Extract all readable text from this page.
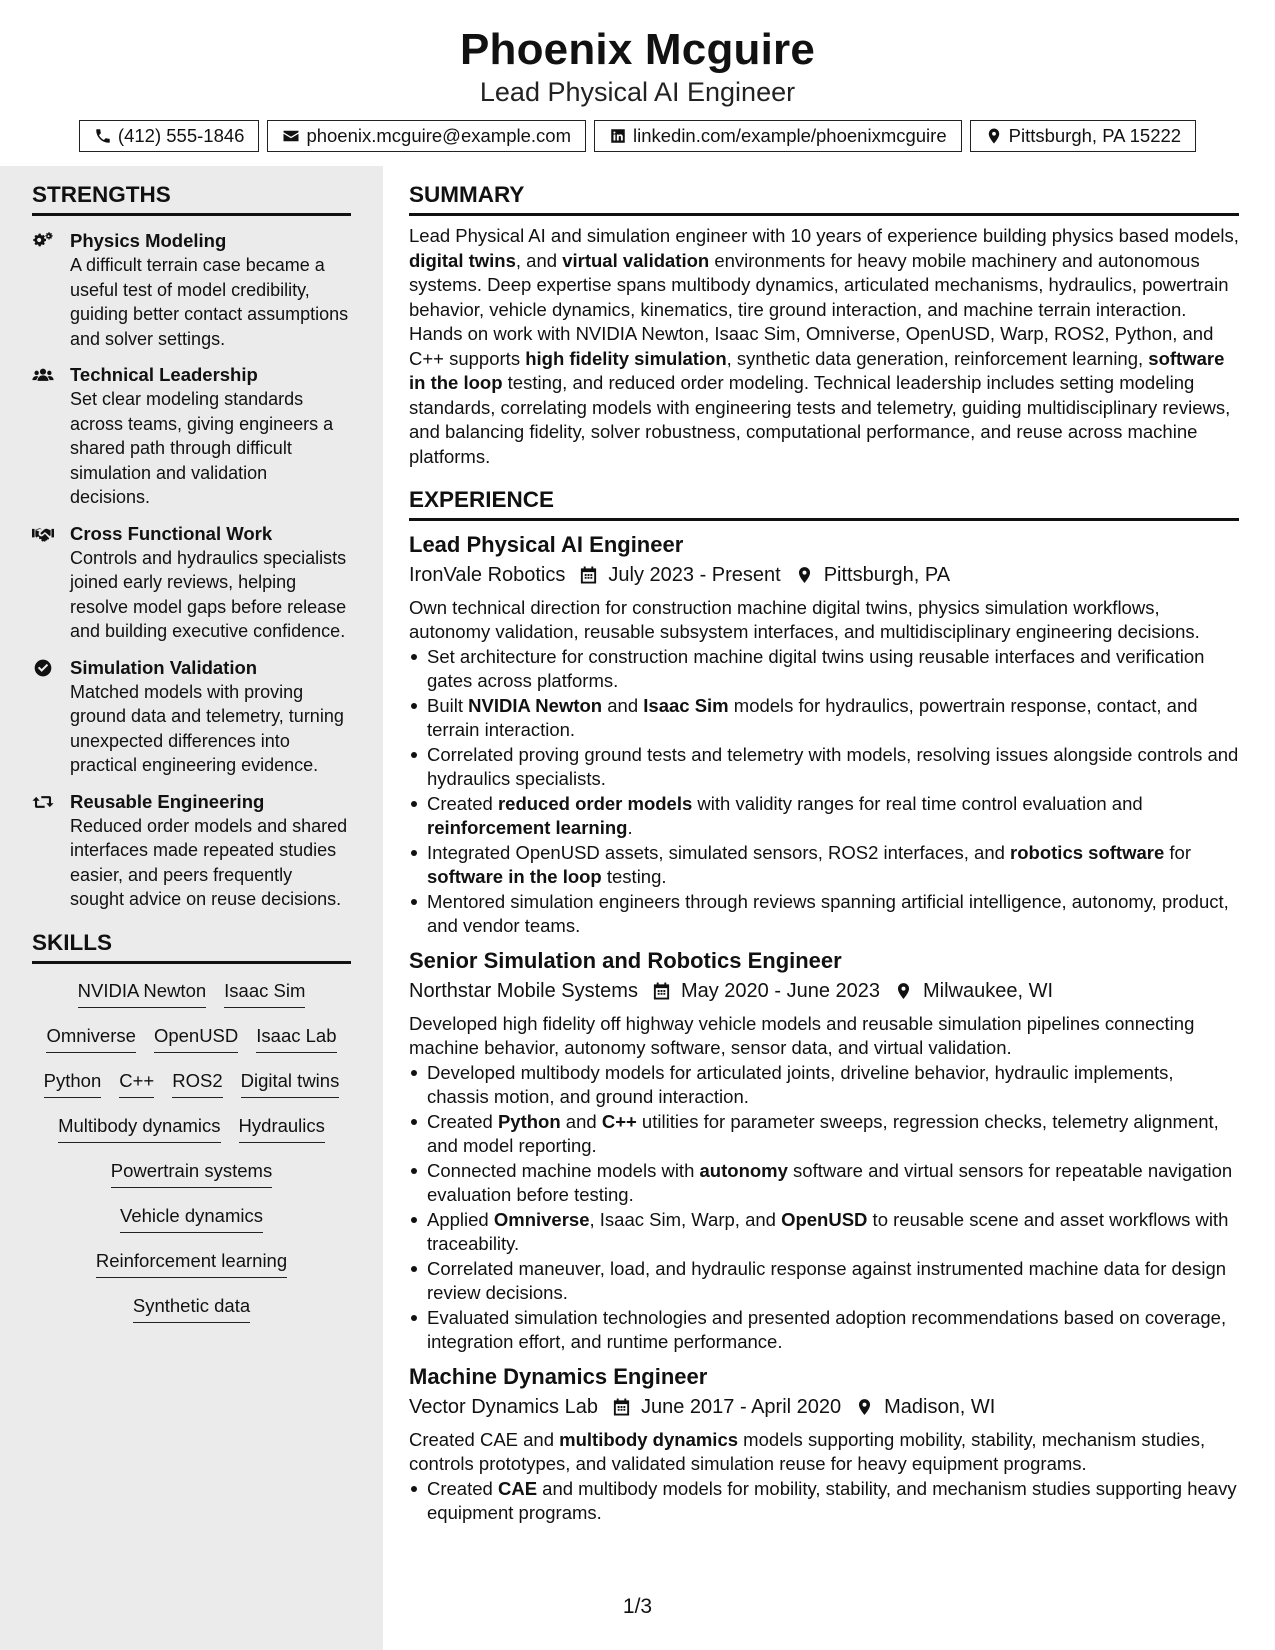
Phoenix Mcguire
Lead Physical AI Engineer
(412) 555-1846	phoenix.mcguire@example.com	linkedin.com/example/phoenixmcguire	Pittsburgh, PA 15222
STRENGTHS
Physics Modeling
A difficult terrain case became a useful test of model credibility, guiding better contact assumptions and solver settings.
Technical Leadership
Set clear modeling standards across teams, giving engineers a shared path through difficult simulation and validation decisions.
Cross Functional Work
Controls and hydraulics specialists joined early reviews, helping resolve model gaps before release and building executive confidence.
Simulation Validation
Matched models with proving ground data and telemetry, turning unexpected differences into practical engineering evidence.
Reusable Engineering
Reduced order models and shared interfaces made repeated studies easier, and peers frequently sought advice on reuse decisions.
SKILLS
NVIDIA Newton Isaac Sim
Omniverse OpenUSD Isaac Lab
Python C++ ROS2 Digital twins
Multibody dynamics Hydraulics
Powertrain systems
Vehicle dynamics
Reinforcement learning
Synthetic data
SUMMARY

Lead Physical AI and simulation engineer with 10 years of experience building physics based models, digital twins, and virtual validation environments for heavy mobile machinery and autonomous systems. Deep expertise spans multibody dynamics, articulated mechanisms, hydraulics, powertrain behavior, vehicle dynamics, kinematics, tire ground interaction, and machine terrain interaction. Hands on work with NVIDIA Newton, Isaac Sim, Omniverse, OpenUSD, Warp, ROS2, Python, and C++ supports high fidelity simulation, synthetic data generation, reinforcement learning, software in the loop testing, and reduced order modeling. Technical leadership includes setting modeling standards, correlating models with engineering tests and telemetry, guiding multidisciplinary reviews, and balancing fidelity, solver robustness, computational performance, and reuse across machine platforms.

EXPERIENCE
Lead Physical AI Engineer
IronVale Robotics July 2023 - Present Pittsburgh, PA
Own technical direction for construction machine digital twins, physics simulation workflows, autonomy validation, reusable subsystem interfaces, and multidisciplinary engineering decisions.
Set architecture for construction machine digital twins using reusable interfaces and verification gates across platforms.
Built NVIDIA Newton and Isaac Sim models for hydraulics, powertrain response, contact, and terrain interaction.
Correlated proving ground tests and telemetry with models, resolving issues alongside controls and hydraulics specialists.
Created reduced order models with validity ranges for real time control evaluation and reinforcement learning.
Integrated OpenUSD assets, simulated sensors, ROS2 interfaces, and robotics software for software in the loop testing.
Mentored simulation engineers through reviews spanning artificial intelligence, autonomy, product, and vendor teams.
Senior Simulation and Robotics Engineer
Northstar Mobile Systems May 2020 - June 2023 Milwaukee, WI
Developed high fidelity off highway vehicle models and reusable simulation pipelines connecting machine behavior, autonomy software, sensor data, and virtual validation.
Developed multibody models for articulated joints, driveline behavior, hydraulic implements, chassis motion, and ground interaction.
Created Python and C++ utilities for parameter sweeps, regression checks, telemetry alignment, and model reporting.
Connected machine models with autonomy software and virtual sensors for repeatable navigation evaluation before testing.
Applied Omniverse, Isaac Sim, Warp, and OpenUSD to reusable scene and asset workflows with traceability.
Correlated maneuver, load, and hydraulic response against instrumented machine data for design review decisions.
Evaluated simulation technologies and presented adoption recommendations based on coverage, integration effort, and runtime performance.
Machine Dynamics Engineer
Vector Dynamics Lab June 2017 - April 2020 Madison, WI
Created CAE and multibody dynamics models supporting mobility, stability, mechanism studies, controls prototypes, and validated simulation reuse for heavy equipment programs.
Created CAE and multibody models for mobility, stability, and mechanism studies supporting heavy equipment programs.
1/3
